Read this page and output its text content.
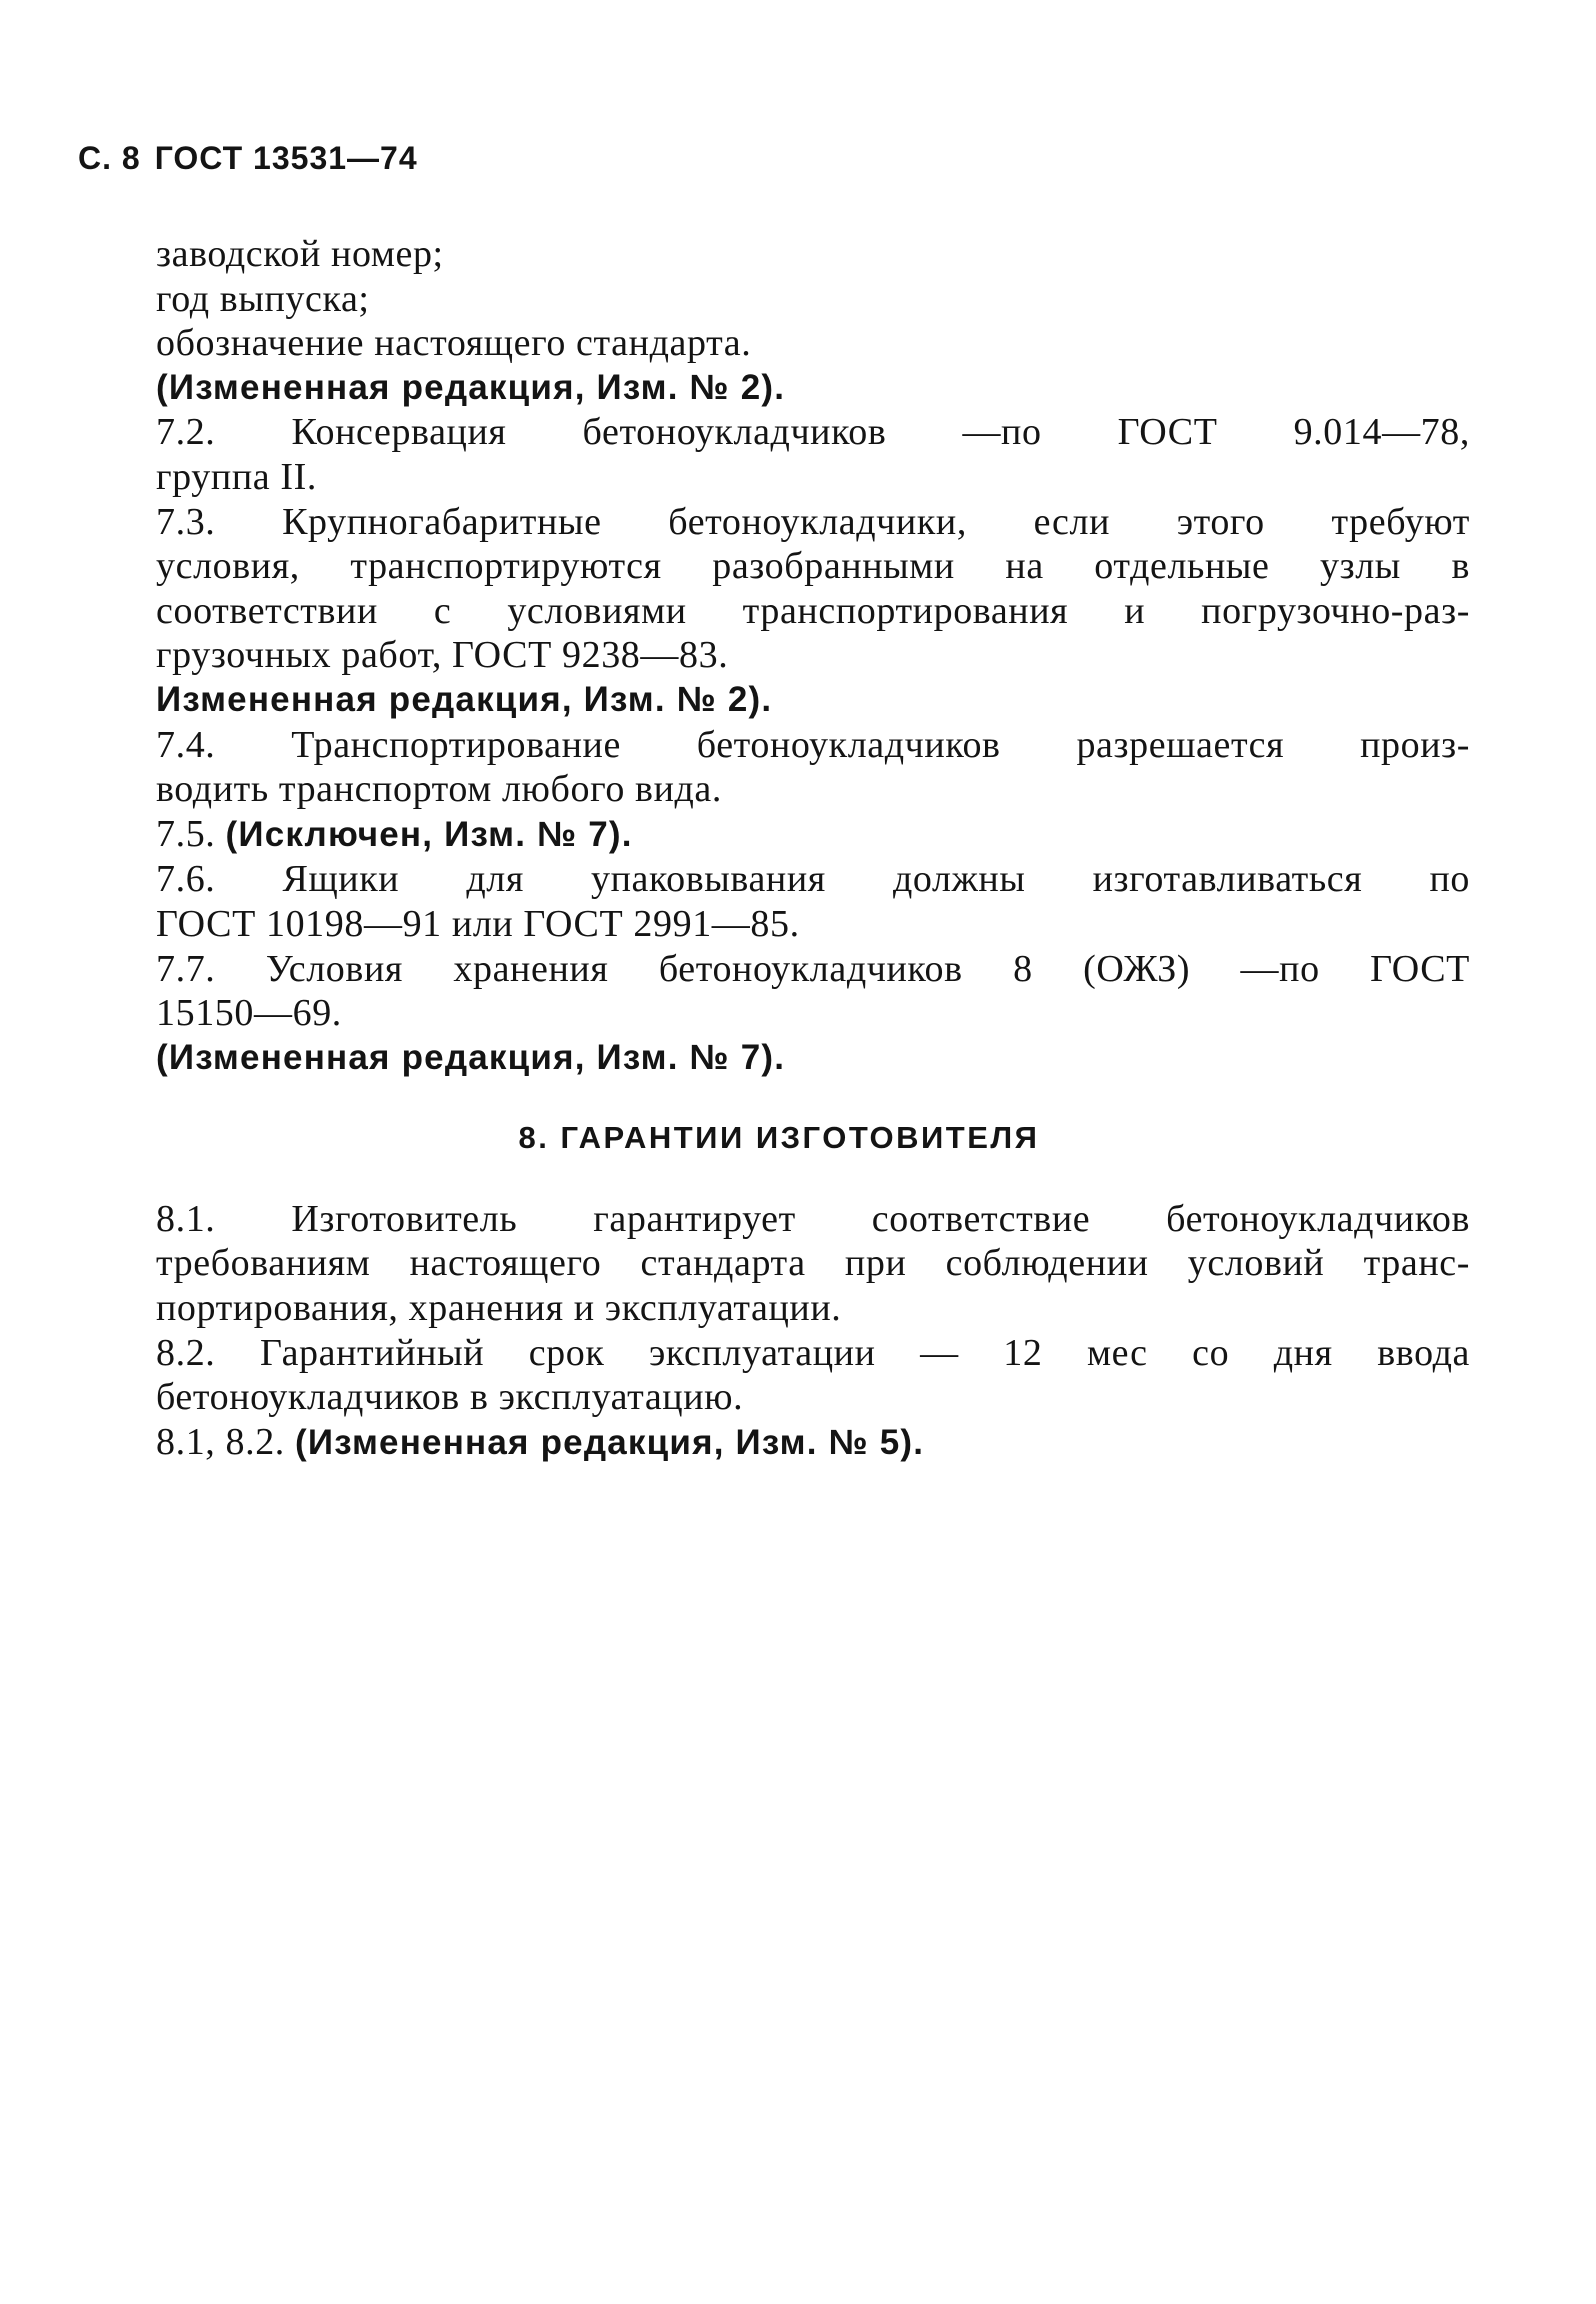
С. 8 ГОСТ 13531—74

заводской номер;
год выпуска;
обозначение настоящего стандарта.
(Измененная редакция, Изм. № 2).

7.2. Консервация бетоноукладчиков —по ГОСТ 9.014—78,
группа II.

7.3. Крупногабаритные бетоноукладчики, если этого требуют
условия, транспортируются разобранными на отдельные узлы в
соответствии с условиями транспортирования и погрузочно-раз-
грузочных работ, ГОСТ 9238—83.
Измененная редакция, Изм. № 2).

7.4. Транспортирование бетоноукладчиков разрешается произ-
водить транспортом любого вида.

7.5. (Исключен, Изм. № 7).

7.6. Ящики для упаковывания должны изготавливаться по
ГОСТ 10198—91 или ГОСТ 2991—85.

7.7. Условия хранения бетоноукладчиков 8 (ОЖЗ) —по ГОСТ
15150—69.
(Измененная редакция, Изм. № 7).

8. ГАРАНТИИ ИЗГОТОВИТЕЛЯ

8.1. Изготовитель гарантирует соответствие бетоноукладчиков
требованиям настоящего стандарта при соблюдении условий транс-
портирования, хранения и эксплуатации.

8.2. Гарантийный срок эксплуатации — 12 мес со дня ввода
бетоноукладчиков в эксплуатацию.

8.1, 8.2. (Измененная редакция, Изм. № 5).
